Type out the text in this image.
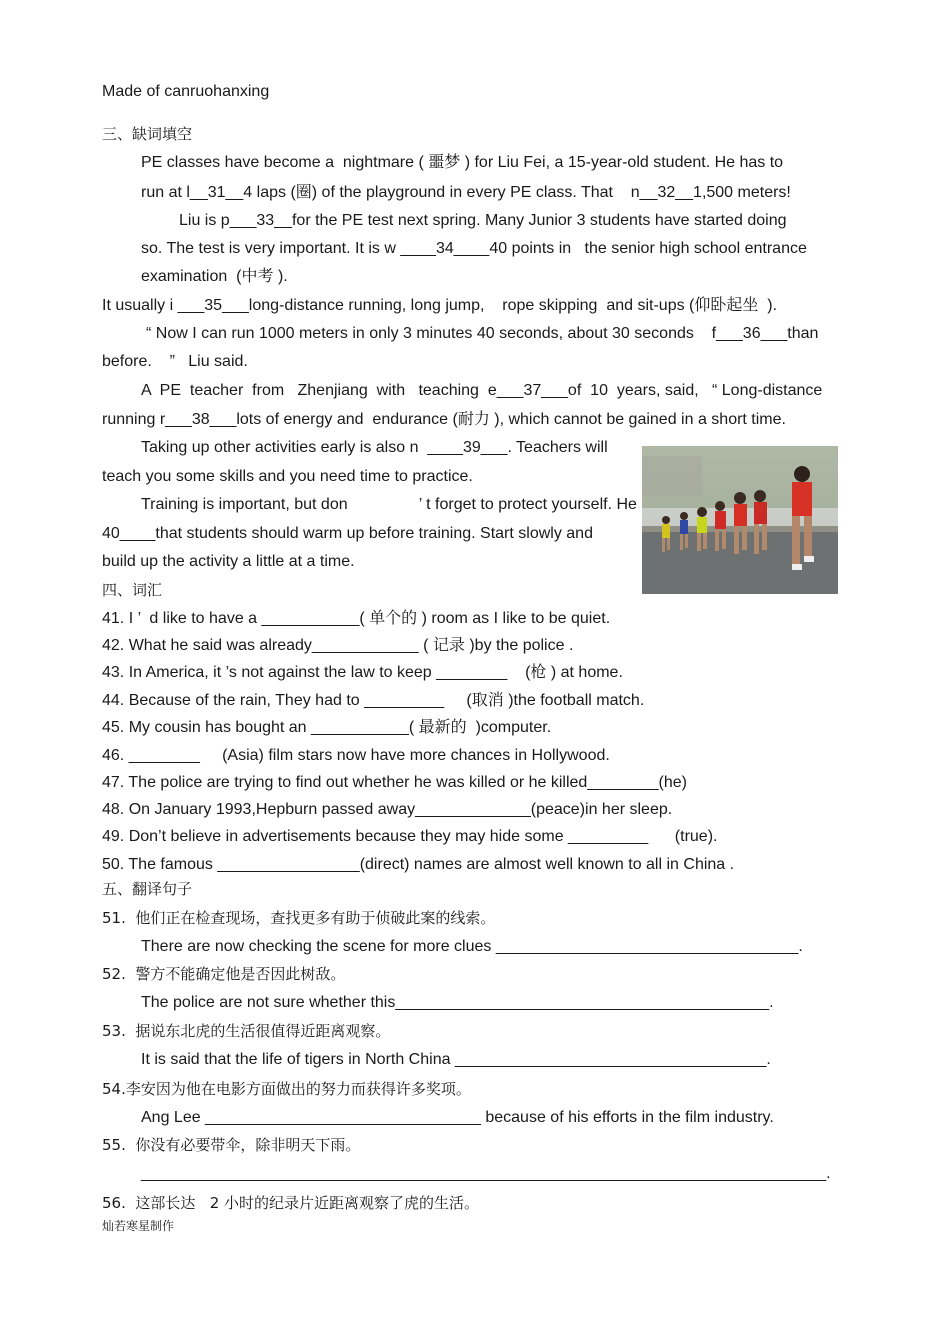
Made of canruohanxing
三、缺词填空
PE classes have become a  nightmare ( 噩梦 ) for Liu Fei, a 15-year-old student. He has to
run at l__31__4 laps (圈) of the playground in every PE class. That    n__32__1,500 meters!
Liu is p___33__for the PE test next spring. Many Junior 3 students have started doing
so. The test is very important. It is w ____34____40 points in   the senior high school entrance
examination  (中考 ).
It usually i ___35___long-distance running, long jump,    rope skipping  and sit-ups (仰卧起坐  ).
“ Now I can run 1000 meters in only 3 minutes 40 seconds, about 30 seconds    f___36___than
before.    ”   Liu said.
A  PE  teacher  from   Zhenjiang  with   teaching  e___37___of  10  years, said,   “ Long-distance
running r___38___lots of energy and  endurance (耐力 ), which cannot be gained in a short time.
Taking up other activities early is also n  ____39___. Teachers will
teach you some skills and you need time to practice.
Training is important, but don                ’ t forget to protect yourself. He
40____that students should warm up before training. Start slowly and
build up the activity a little at a time.
四、词汇
41. I ’  d like to have a ___________( 单个的 ) room as I like to be quiet.
42. What he said was already____________ ( 记录 )by the police .
43. In America, it ’s not against the law to keep ________    (枪 ) at home.
44. Because of the rain, They had to _________     (取消 )the football match.
45. My cousin has bought an ___________( 最新的  )computer.
46. ________     (Asia) film stars now have more chances in Hollywood.
47. The police are trying to find out whether he was killed or he killed________(he)
48. On January 1993,Hepburn passed away_____________(peace)in her sleep.
49. Don’t believe in advertisements because they may hide some _________      (true).
50. The famous ________________(direct) names are almost well known to all in China .
五、翻译句子
51.  他们正在检查现场，查找更多有助于侦破此案的线索。
There are now checking the scene for more clues __________________________________.
52.  警方不能确定他是否因此树敌。
The police are not sure whether this__________________________________________.
53.  据说东北虎的生活很值得近距离观察。
It is said that the life of tigers in North China ___________________________________.
54.李安因为他在电影方面做出的努力而获得许多奖项。
Ang Lee _______________________________ because of his efforts in the film industry.
55.  你没有必要带伞，除非明天下雨。
_____________________________________________________________________________.
56.  这部长达   2 小时的纪录片近距离观察了虎的生活。
灿若寒星制作
